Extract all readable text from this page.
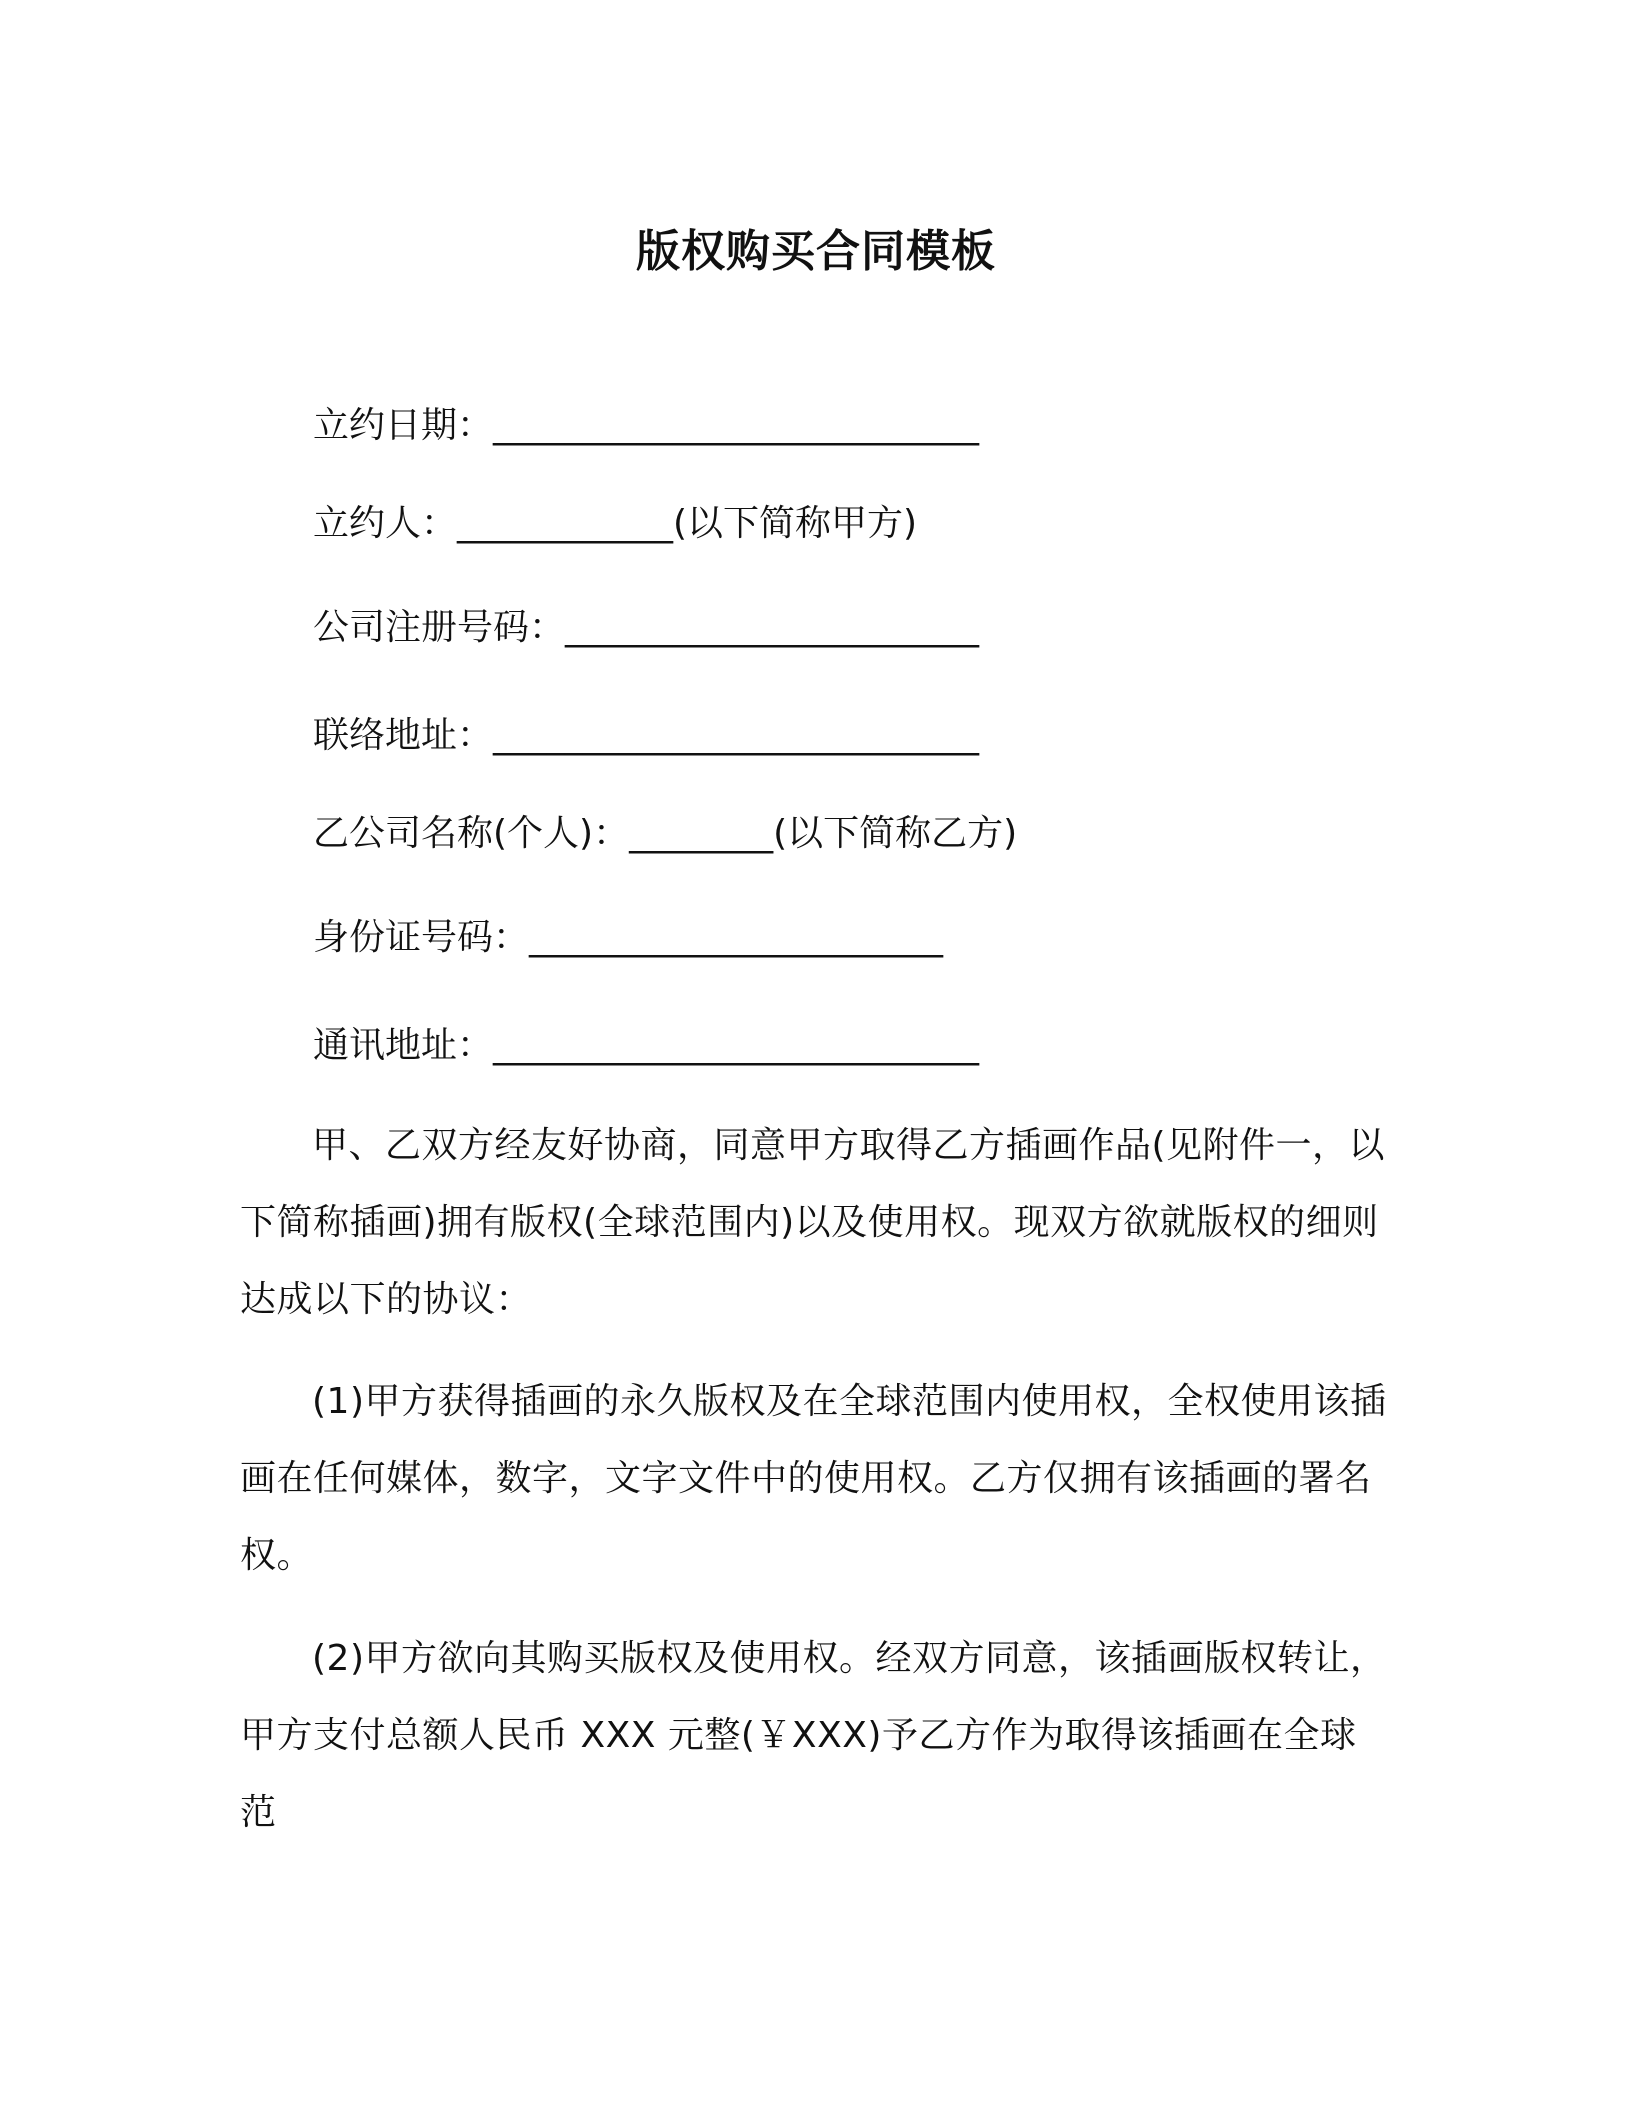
版权购买合同模板
立约日期：___________________________
立约人：____________(以下简称甲方)
公司注册号码：_______________________
联络地址：___________________________
乙公司名称(个人)：________(以下简称乙方)
身份证号码：_______________________
通讯地址：___________________________

甲、乙双方经友好协商，同意甲方取得乙方插画作品(见附件一，以下简称插画)拥有版权(全球范围内)以及使用权。现双方欲就版权的细则达成以下的协议：

(1)甲方获得插画的永久版权及在全球范围内使用权，全权使用该插画在任何媒体，数字，文字文件中的使用权。乙方仅拥有该插画的署名权。

(2)甲方欲向其购买版权及使用权。经双方同意，该插画版权转让，甲方支付总额人民币 XXX 元整(￥XXX)予乙方作为取得该插画在全球范
